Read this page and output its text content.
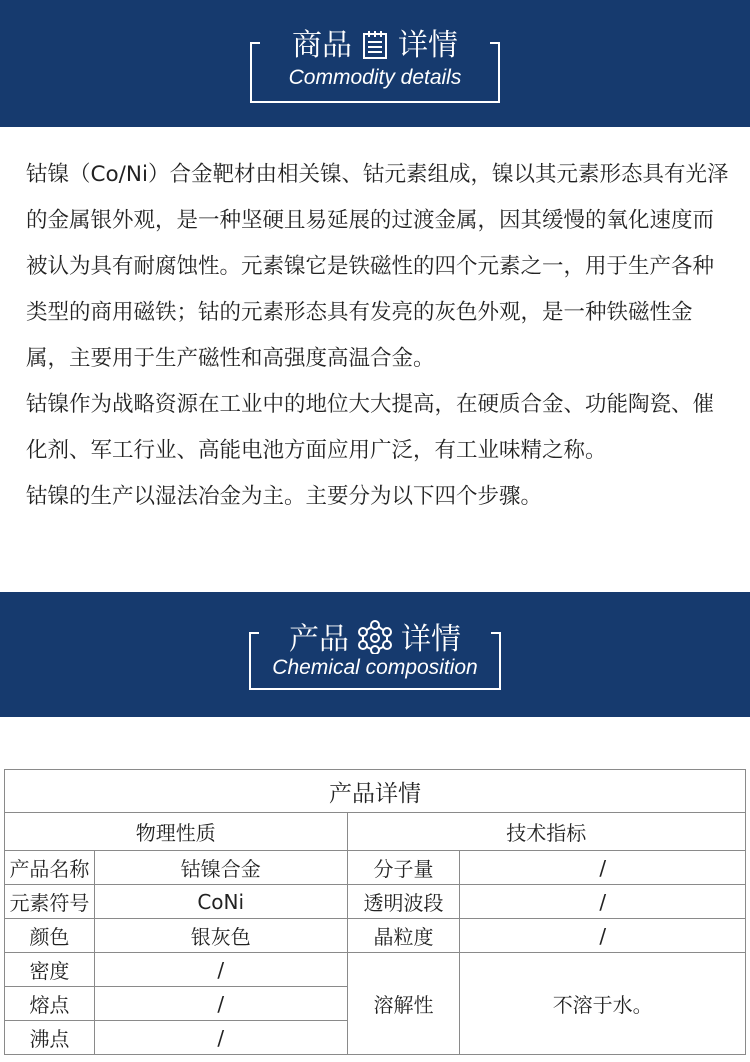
商品 详情
Commodity details

钴镍（Co/Ni）合金靶材由相关镍、钴元素组成，镍以其元素形态具有光泽的金属银外观，是一种坚硬且易延展的过渡金属，因其缓慢的氧化速度而被认为具有耐腐蚀性。元素镍它是铁磁性的四个元素之一，用于生产各种类型的商用磁铁；钴的元素形态具有发亮的灰色外观，是一种铁磁性金属，主要用于生产磁性和高强度高温合金。

钴镍作为战略资源在工业中的地位大大提高，在硬质合金、功能陶瓷、催化剂、军工行业、高能电池方面应用广泛，有工业味精之称。

钴镍的生产以湿法冶金为主。主要分为以下四个步骤。

产品 详情
Chemical composition
产品详情			
物理性质		技术指标	
产品名称	钴镍合金	分子量	/
元素符号	CoNi	透明波段	/
颜色	银灰色	晶粒度	/
密度	/	溶解性	不溶于水。
熔点	/		
沸点	/		
